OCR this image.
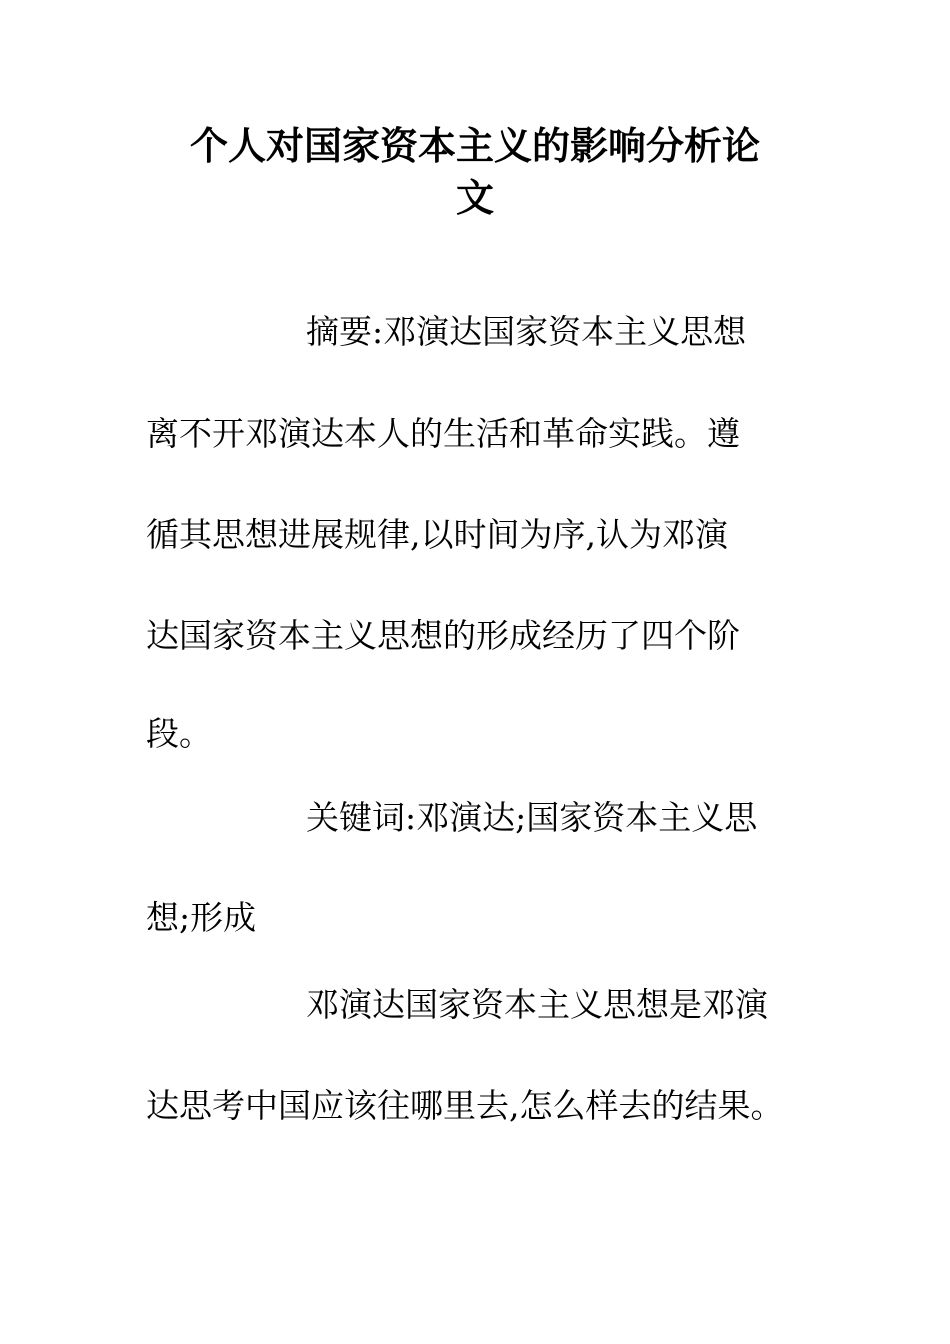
个人对国家资本主义的影响分析论
文
摘要:邓演达国家资本主义思想
离不开邓演达本人的生活和革命实践。遵
循其思想进展规律,以时间为序,认为邓演
达国家资本主义思想的形成经历了四个阶
段。
关键词:邓演达;国家资本主义思
想;形成
邓演达国家资本主义思想是邓演
达思考中国应该往哪里去,怎么样去的结果。
